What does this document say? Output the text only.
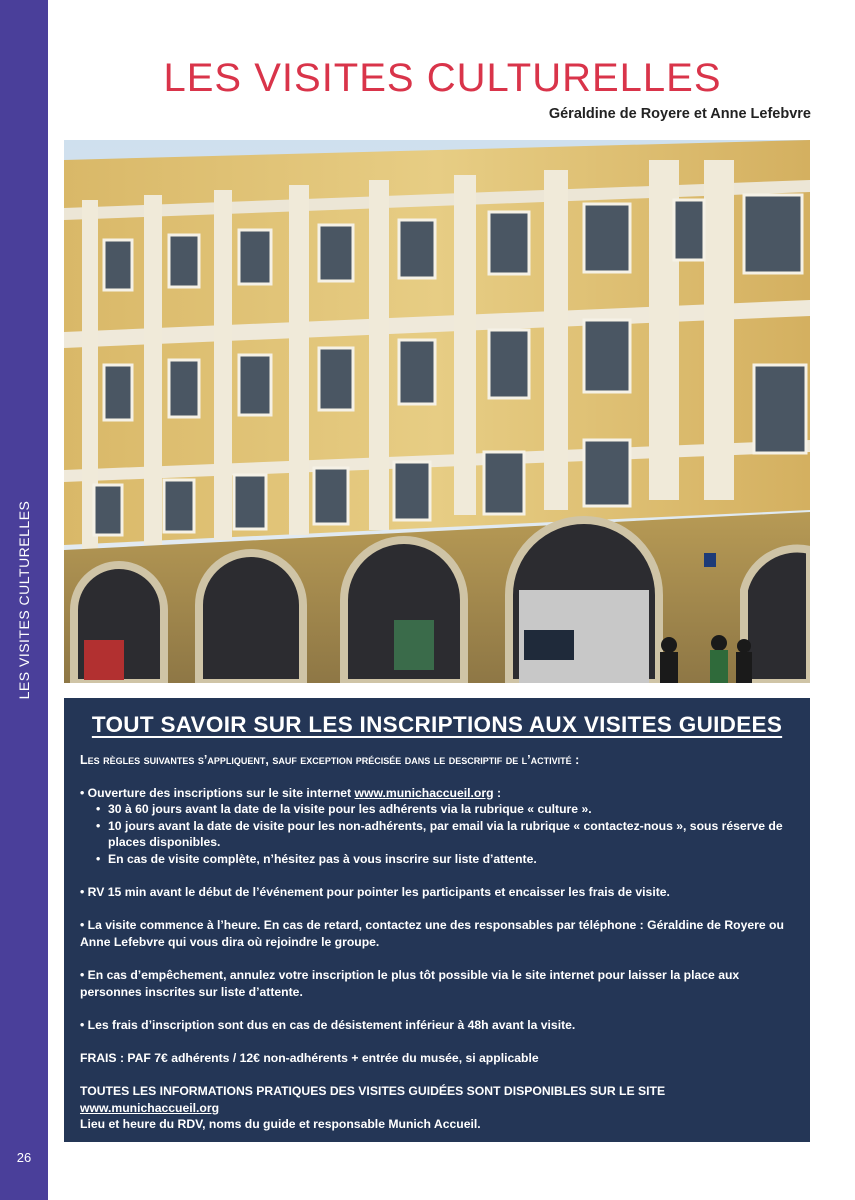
LES VISITES CULTURELLES
26
LES VISITES CULTURELLES
Géraldine de Royere et Anne Lefebvre
TOUT SAVOIR SUR LES INSCRIPTIONS AUX VISITES GUIDEES

Les règles suivantes s’appliquent, sauf exception précisée dans le descriptif de l’activité :

• Ouverture des inscriptions sur le site internet www.munichaccueil.org :

• 30 à 60 jours avant la date de la visite pour les adhérents via la rubrique « culture ».

• 10 jours avant la date de visite pour les non-adhérents, par email via la rubrique « contactez-nous », sous réserve de places disponibles.

• En cas de visite complète, n’hésitez pas à vous inscrire sur liste d’attente.

• RV 15 min avant le début de l’événement pour pointer les participants et encaisser les frais de visite.

• La visite commence à l’heure. En cas de retard, contactez une des responsables par téléphone : Géraldine de Royere ou Anne Lefebvre qui vous dira où rejoindre le groupe.

• En cas d’empêchement, annulez votre inscription le plus tôt possible via le site internet pour laisser la place aux personnes inscrites sur liste d’attente.

• Les frais d’inscription sont dus en cas de désistement inférieur à 48h avant la visite.

FRAIS : PAF 7€ adhérents / 12€ non-adhérents + entrée du musée, si applicable

TOUTES LES INFORMATIONS PRATIQUES DES VISITES GUIDÉES SONT DISPONIBLES SUR LE SITE www.munichaccueil.org

Lieu et heure du RDV, noms du guide et responsable Munich Accueil.
